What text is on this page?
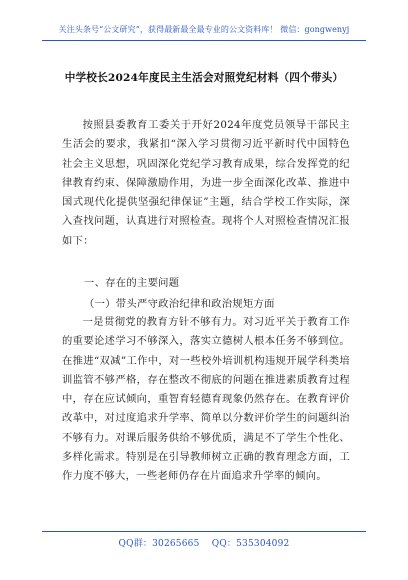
关注头条号“公文研究”，获得最新最全最专业的公文资料库！ 微信：gongwenyj
中学校长2024年度民主生活会对照党纪材料（四个带头）

按照县委教育工委关于开好2024年度党员领导干部民主生活会的要求，我紧扣“深入学习贯彻习近平新时代中国特色社会主义思想，巩固深化党纪学习教育成果，综合发挥党的纪律教育约束、保障激励作用，为进一步全面深化改革、推进中国式现代化提供坚强纪律保证”主题，结合学校工作实际，深入查找问题，认真进行对照检查。现将个人对照检查情况汇报如下：

一、存在的主要问题
（一）带头严守政治纪律和政治规矩方面

一是贯彻党的教育方针不够有力。对习近平关于教育工作的重要论述学习不够深入，落实立德树人根本任务不够到位。在推进“双减”工作中，对一些校外培训机构违规开展学科类培训监管不够严格，存在整改不彻底的问题在推进素质教育过程中，存在应试倾向，重智育轻德育现象仍然存在。在教育评价改革中，对过度追求升学率、简单以分数评价学生的问题纠治不够有力。对课后服务供给不够优质，满足不了学生个性化、多样化需求。特别是在引导教师树立正确的教育理念方面，工作力度不够大，一些老师仍存在片面追求升学率的倾向。

QQ群：30265665    QQ：535304092
